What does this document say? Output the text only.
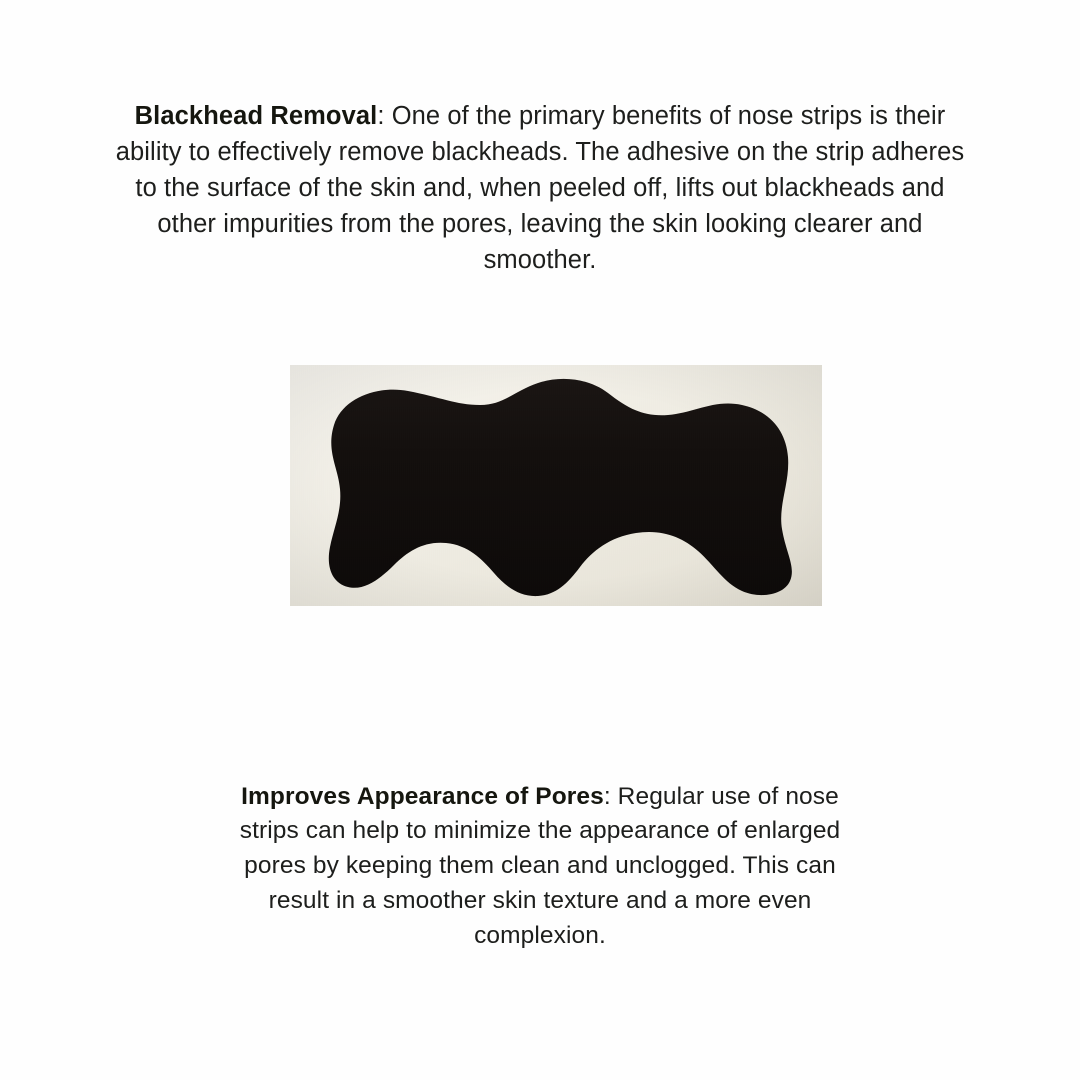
Blackhead Removal: One of the primary benefits of nose strips is their ability to effectively remove blackheads. The adhesive on the strip adheres to the surface of the skin and, when peeled off, lifts out blackheads and other impurities from the pores, leaving the skin looking clearer and smoother.

Improves Appearance of Pores: Regular use of nose strips can help to minimize the appearance of enlarged pores by keeping them clean and unclogged. This can result in a smoother skin texture and a more even complexion.
